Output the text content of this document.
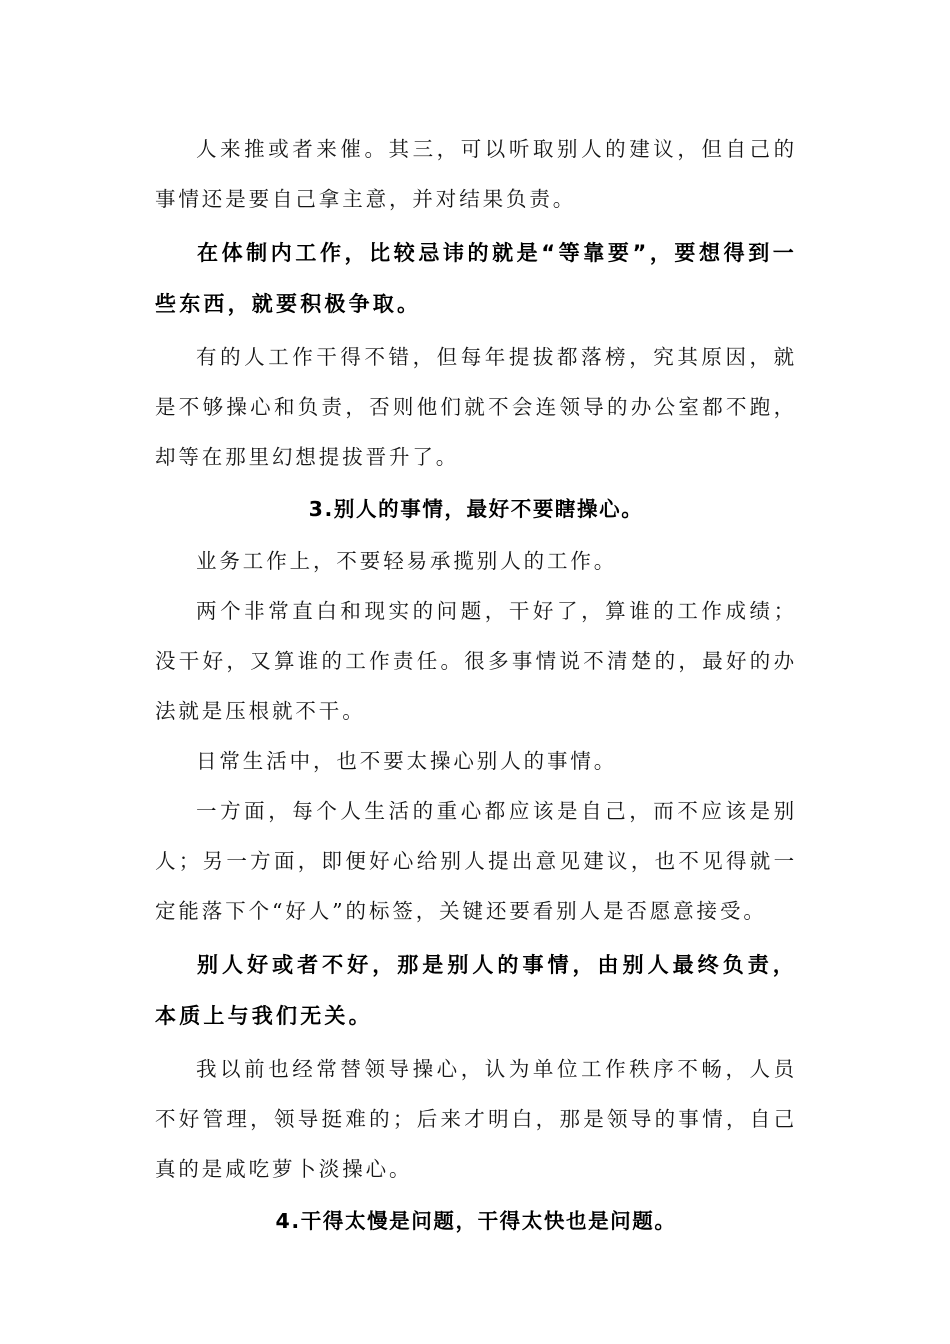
人来推或者来催。其三，可以听取别人的建议，但自己的事情还是要自己拿主意，并对结果负责。

在体制内工作，比较忌讳的就是“等靠要”，要想得到一些东西，就要积极争取。

有的人工作干得不错，但每年提拔都落榜，究其原因，就是不够操心和负责，否则他们就不会连领导的办公室都不跑，却等在那里幻想提拔晋升了。

3.别人的事情，最好不要瞎操心。

业务工作上，不要轻易承揽别人的工作。

两个非常直白和现实的问题，干好了，算谁的工作成绩；没干好，又算谁的工作责任。很多事情说不清楚的，最好的办法就是压根就不干。

日常生活中，也不要太操心别人的事情。

一方面，每个人生活的重心都应该是自己，而不应该是别人；另一方面，即便好心给别人提出意见建议，也不见得就一定能落下个“好人”的标签，关键还要看别人是否愿意接受。

别人好或者不好，那是别人的事情，由别人最终负责，本质上与我们无关。

我以前也经常替领导操心，认为单位工作秩序不畅，人员不好管理，领导挺难的；后来才明白，那是领导的事情，自己真的是咸吃萝卜淡操心。

4.干得太慢是问题，干得太快也是问题。
